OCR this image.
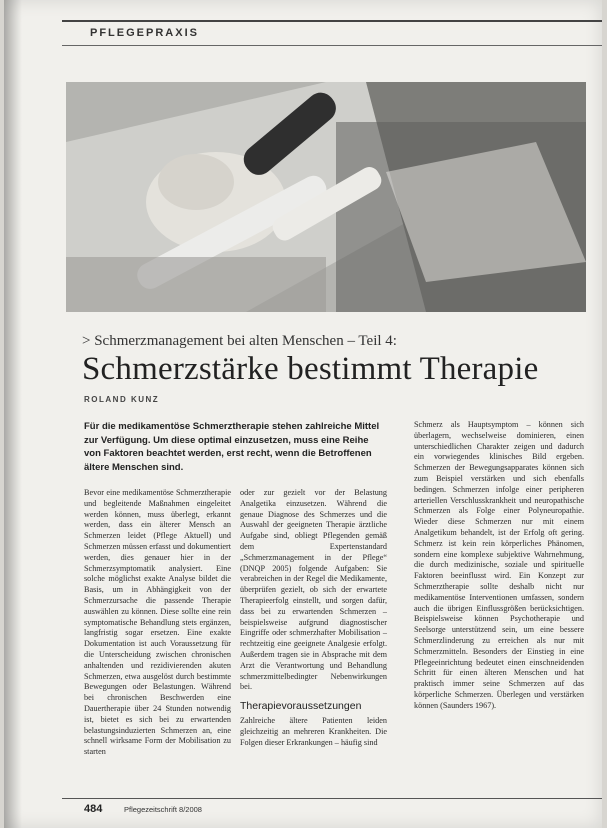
PFLEGEPRAXIS
> Schmerzmanagement bei alten Menschen – Teil 4:
Schmerzstärke bestimmt Therapie
ROLAND KUNZ
Für die medikamentöse Schmerztherapie stehen zahlreiche Mittel zur Verfügung. Um diese optimal einzusetzen, muss eine Reihe von Faktoren beachtet werden, erst recht, wenn die Betroffenen ältere Menschen sind.
Bevor eine medikamentöse Schmerztherapie und begleitende Maßnahmen eingeleitet werden können, muss überlegt, erkannt werden, dass ein älterer Mensch an Schmerzen leidet (Pflege Aktuell) und Schmerzen müssen erfasst und dokumentiert werden, dies genauer hier in der Schmerzsymptomatik analysiert. Eine solche möglichst exakte Analyse bildet die Basis, um in Abhängigkeit von der Schmerzursache die passende Therapie auswählen zu können. Diese sollte eine rein symptomatische Behandlung stets ergänzen, langfristig sogar ersetzen. Eine exakte Dokumentation ist auch Voraussetzung für die Unterscheidung zwischen chronischen anhaltenden und rezidivierenden akuten Schmerzen, etwa ausgelöst durch bestimmte Bewegungen oder Belastungen. Während bei chronischen Beschwerden eine Dauertherapie über 24 Stunden notwendig ist, bietet es sich bei zu erwartenden belastungsinduzierten Schmerzen an, eine schnell wirksame Form der Mobilisation zu starten
oder zur gezielt vor der Belastung Analgetika einzusetzen. Während die genaue Diagnose des Schmerzes und die Auswahl der geeigneten Therapie ärztliche Aufgabe sind, obliegt Pflegenden gemäß dem Expertenstandard „Schmerzmanagement in der Pflege“ (DNQP 2005) folgende Aufgaben: Sie verabreichen in der Regel die Medikamente, überprüfen gezielt, ob sich der erwartete Therapieerfolg einstellt, und sorgen dafür, dass bei zu erwartenden Schmerzen – beispielsweise aufgrund diagnostischer Eingriffe oder schmerzhafter Mobilisation – rechtzeitig eine geeignete Analgesie erfolgt. Außerdem tragen sie in Absprache mit dem Arzt die Verantwortung und Behandlung schmerzmittelbedingter Nebenwirkungen bei.
Therapievoraussetzungen
Zahlreiche ältere Patienten leiden gleichzeitig an mehreren Krankheiten. Die Folgen dieser Erkrankungen – häufig sind
Schmerz als Hauptsymptom – können sich überlagern, wechselweise dominieren, einen unterschiedlichen Charakter zeigen und dadurch ein vorwiegendes klinisches Bild ergeben. Schmerzen der Bewegungsapparates können sich zum Beispiel verstärken und sich ebenfalls bedingen. Schmerzen infolge einer peripheren arteriellen Verschlusskrankheit und neuropathische Schmerzen als Folge einer Polyneuropathie. Wieder diese Schmerzen nur mit einem Analgetikum behandelt, ist der Erfolg oft gering. Schmerz ist kein rein körperliches Phänomen, sondern eine komplexe subjektive Wahrnehmung, die durch medizinische, soziale und spirituelle Faktoren beeinflusst wird. Ein Konzept zur Schmerztherapie sollte deshalb nicht nur medikamentöse Interventionen umfassen, sondern auch die übrigen Einflussgrößen berücksichtigen. Beispielsweise können Psychotherapie und Seelsorge unterstützend sein, um eine bessere Schmerzlinderung zu erreichen als nur mit Schmerzmitteln. Besonders der Einstieg in eine Pflegeeinrichtung bedeutet einen einschneidenden Schritt für einen älteren Menschen und hat praktisch immer seine Schmerzen auf das körperliche Schmerzen. Überlegen und verstärken können (Saunders 1967).
484	Pflegezeitschrift 8/2008
